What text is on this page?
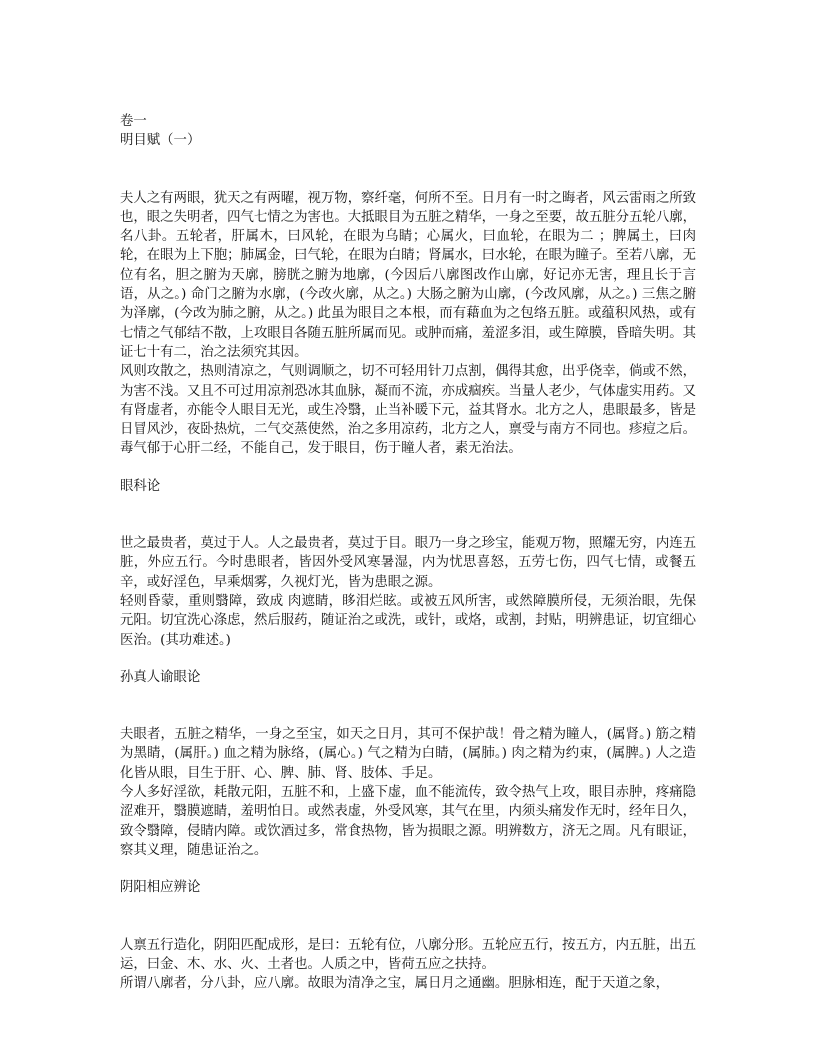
卷一

明目赋（一）

夫人之有两眼，犹天之有两曜，视万物，察纤毫，何所不至。日月有一时之晦者，风云雷雨之所致也，眼之失明者，四气七情之为害也。大抵眼目为五脏之精华，一身之至要，故五脏分五轮八廓，名八卦。五轮者，肝属木，曰风轮，在眼为乌睛；心属火，曰血轮，在眼为二 ；脾属土，曰肉轮，在眼为上下胞；肺属金，曰气轮，在眼为白睛；肾属水，曰水轮，在眼为瞳子。至若八廓，无位有名，胆之腑为天廓，膀胱之腑为地廓，(今因后八廓图改作山廓，好记亦无害，理且长于言语，从之。) 命门之腑为水廓，(今改火廓，从之。) 大肠之腑为山廓，(今改风廓，从之。) 三焦之腑为泽廓，(今改为肺之腑，从之。) 此虽为眼目之本根，而有藉血为之包络五脏。或蕴积风热，或有七情之气郁结不散，上攻眼目各随五脏所属而见。或肿而痛，羞涩多泪，或生障膜，昏暗失明。其证七十有二，治之法须究其因。

风则攻散之，热则清凉之，气则调顺之，切不可轻用针刀点割，偶得其愈，出乎侥幸，倘或不然，为害不浅。又且不可过用凉剂恐冰其血脉，凝而不流，亦成痼疾。当量人老少，气体虚实用药。又有肾虚者，亦能令人眼目无光，或生冷翳，止当补暖下元，益其肾水。北方之人，患眼最多，皆是日冒风沙，夜卧热炕，二气交蒸使然，治之多用凉药，北方之人，禀受与南方不同也。疹痘之后。毒气郁于心肝二经，不能自己，发于眼目，伤于瞳人者，素无治法。

眼科论

世之最贵者，莫过于人。人之最贵者，莫过于目。眼乃一身之珍宝，能观万物，照耀无穷，内连五脏，外应五行。今时患眼者，皆因外受风寒暑湿，内为忧思喜怒，五劳七伤，四气七情，或餐五辛，或好淫色，早乘烟雾，久视灯光，皆为患眼之源。

轻则昏蒙，重则翳障，致成 肉遮睛，眵泪烂眩。或被五风所害，或然障膜所侵，无须治眼，先保元阳。切宜洗心涤虑，然后服药，随证治之或洗，或针，或烙，或割，封贴，明辨患证，切宜细心医治。(其功难述。)

孙真人谕眼论

夫眼者，五脏之精华，一身之至宝，如天之日月，其可不保护哉！骨之精为瞳人，(属肾。) 筋之精为黑睛，(属肝。) 血之精为脉络，(属心。) 气之精为白睛，(属肺。) 肉之精为约束，(属脾。) 人之造化皆从眼，目生于肝、心、脾、肺、肾、肢体、手足。

今人多好淫欲，耗散元阳，五脏不和，上盛下虚，血不能流传，致令热气上攻，眼目赤肿，疼痛隐涩难开，翳膜遮睛，羞明怕日。或然表虚，外受风寒，其气在里，内须头痛发作无时，经年日久，致令翳障，侵睛内障。或饮酒过多，常食热物，皆为损眼之源。明辨数方，济无之周。凡有眼证，察其义理，随患证治之。

阴阳相应辨论

人禀五行造化，阴阳匹配成形，是曰：五轮有位，八廓分形。五轮应五行，按五方，内五脏，出五运，曰金、木、水、火、土者也。人质之中，皆荷五应之扶持。

所谓八廓者，分八卦，应八廓。故眼为清净之宝，属日月之通幽。胆脉相连，配于天道之象，
